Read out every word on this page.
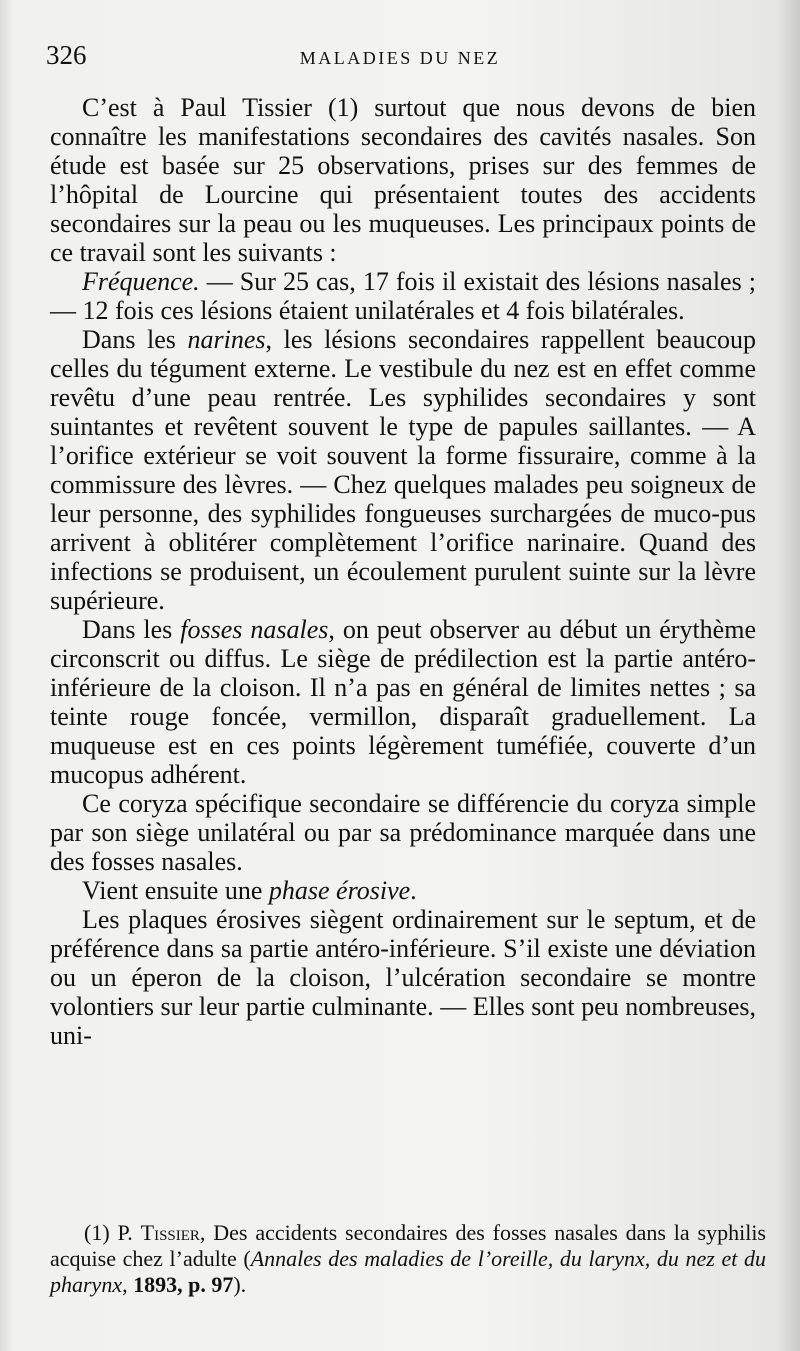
326	MALADIES DU NEZ

C’est à Paul Tissier (1) surtout que nous devons de bien connaître les manifestations secondaires des cavités nasales. Son étude est basée sur 25 observations, prises sur des femmes de l’hôpital de Lourcine qui présentaient toutes des accidents secondaires sur la peau ou les muqueuses. Les principaux points de ce travail sont les suivants :

Fréquence. — Sur 25 cas, 17 fois il existait des lésions nasales ; — 12 fois ces lésions étaient unilatérales et 4 fois bilatérales.

Dans les narines, les lésions secondaires rappellent beaucoup celles du tégument externe. Le vestibule du nez est en effet comme revêtu d’une peau rentrée. Les syphilides secondaires y sont suintantes et revêtent souvent le type de papules saillantes. — A l’orifice extérieur se voit souvent la forme fissuraire, comme à la commissure des lèvres. — Chez quelques malades peu soigneux de leur personne, des syphilides fongueuses surchargées de muco-pus arrivent à oblitérer complètement l’orifice narinaire. Quand des infections se produisent, un écoulement purulent suinte sur la lèvre supérieure.

Dans les fosses nasales, on peut observer au début un érythème circonscrit ou diffus. Le siège de prédilection est la partie antéro-inférieure de la cloison. Il n’a pas en général de limites nettes ; sa teinte rouge foncée, vermillon, disparaît graduellement. La muqueuse est en ces points légèrement tuméfiée, couverte d’un mucopus adhérent.

Ce coryza spécifique secondaire se différencie du coryza simple par son siège unilatéral ou par sa prédominance marquée dans une des fosses nasales.

Vient ensuite une phase érosive.

Les plaques érosives siègent ordinairement sur le septum, et de préférence dans sa partie antéro-inférieure. S’il existe une déviation ou un éperon de la cloison, l’ulcération secondaire se montre volontiers sur leur partie culminante. — Elles sont peu nombreuses, uni-

(1) P. Tissier, Des accidents secondaires des fosses nasales dans la syphilis acquise chez l’adulte (Annales des maladies de l’oreille, du larynx, du nez et du pharynx, 1893, p. 97).
